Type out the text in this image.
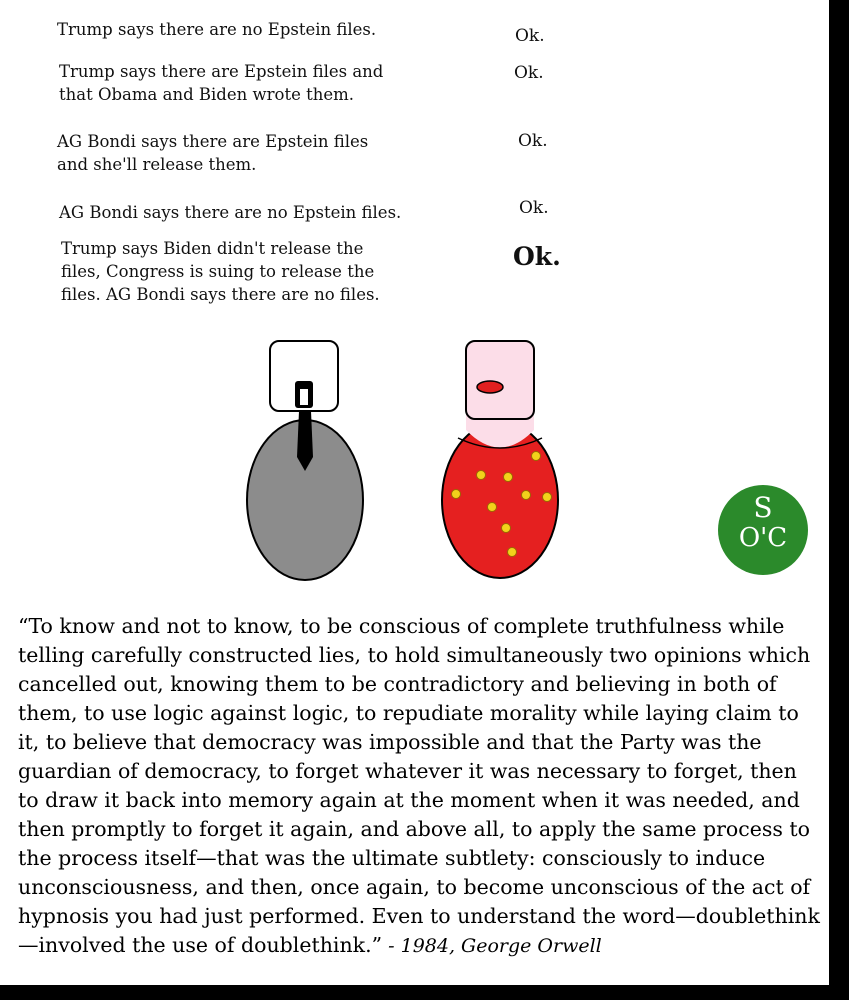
Trump says there are no Epstein files.	Ok.
Trump says there are Epstein files and
that Obama and Biden wrote them.
Ok.
AG Bondi says there are Epstein files
and she'll release them.
Ok.
AG Bondi says there are no Epstein files.	Ok.
Trump says Biden didn't release the
files, Congress is suing to release the
files. AG Bondi says there are no files.
Ok.
S
O'C
“To know and not to know, to be conscious of complete truthfulness while telling carefully constructed lies, to hold simultaneously two opinions which cancelled out, knowing them to be contradictory and believing in both of them, to use logic against logic, to repudiate morality while laying claim to it, to believe that democracy was impossible and that the Party was the guardian of democracy, to forget whatever it was necessary to forget, then to draw it back into memory again at the moment when it was needed, and then promptly to forget it again, and above all, to apply the same process to the process itself—that was the ultimate subtlety: consciously to induce unconsciousness, and then, once again, to become unconscious of the act of hypnosis you had just performed. Even to understand the word—doublethink—involved the use of doublethink.” - 1984, George Orwell
